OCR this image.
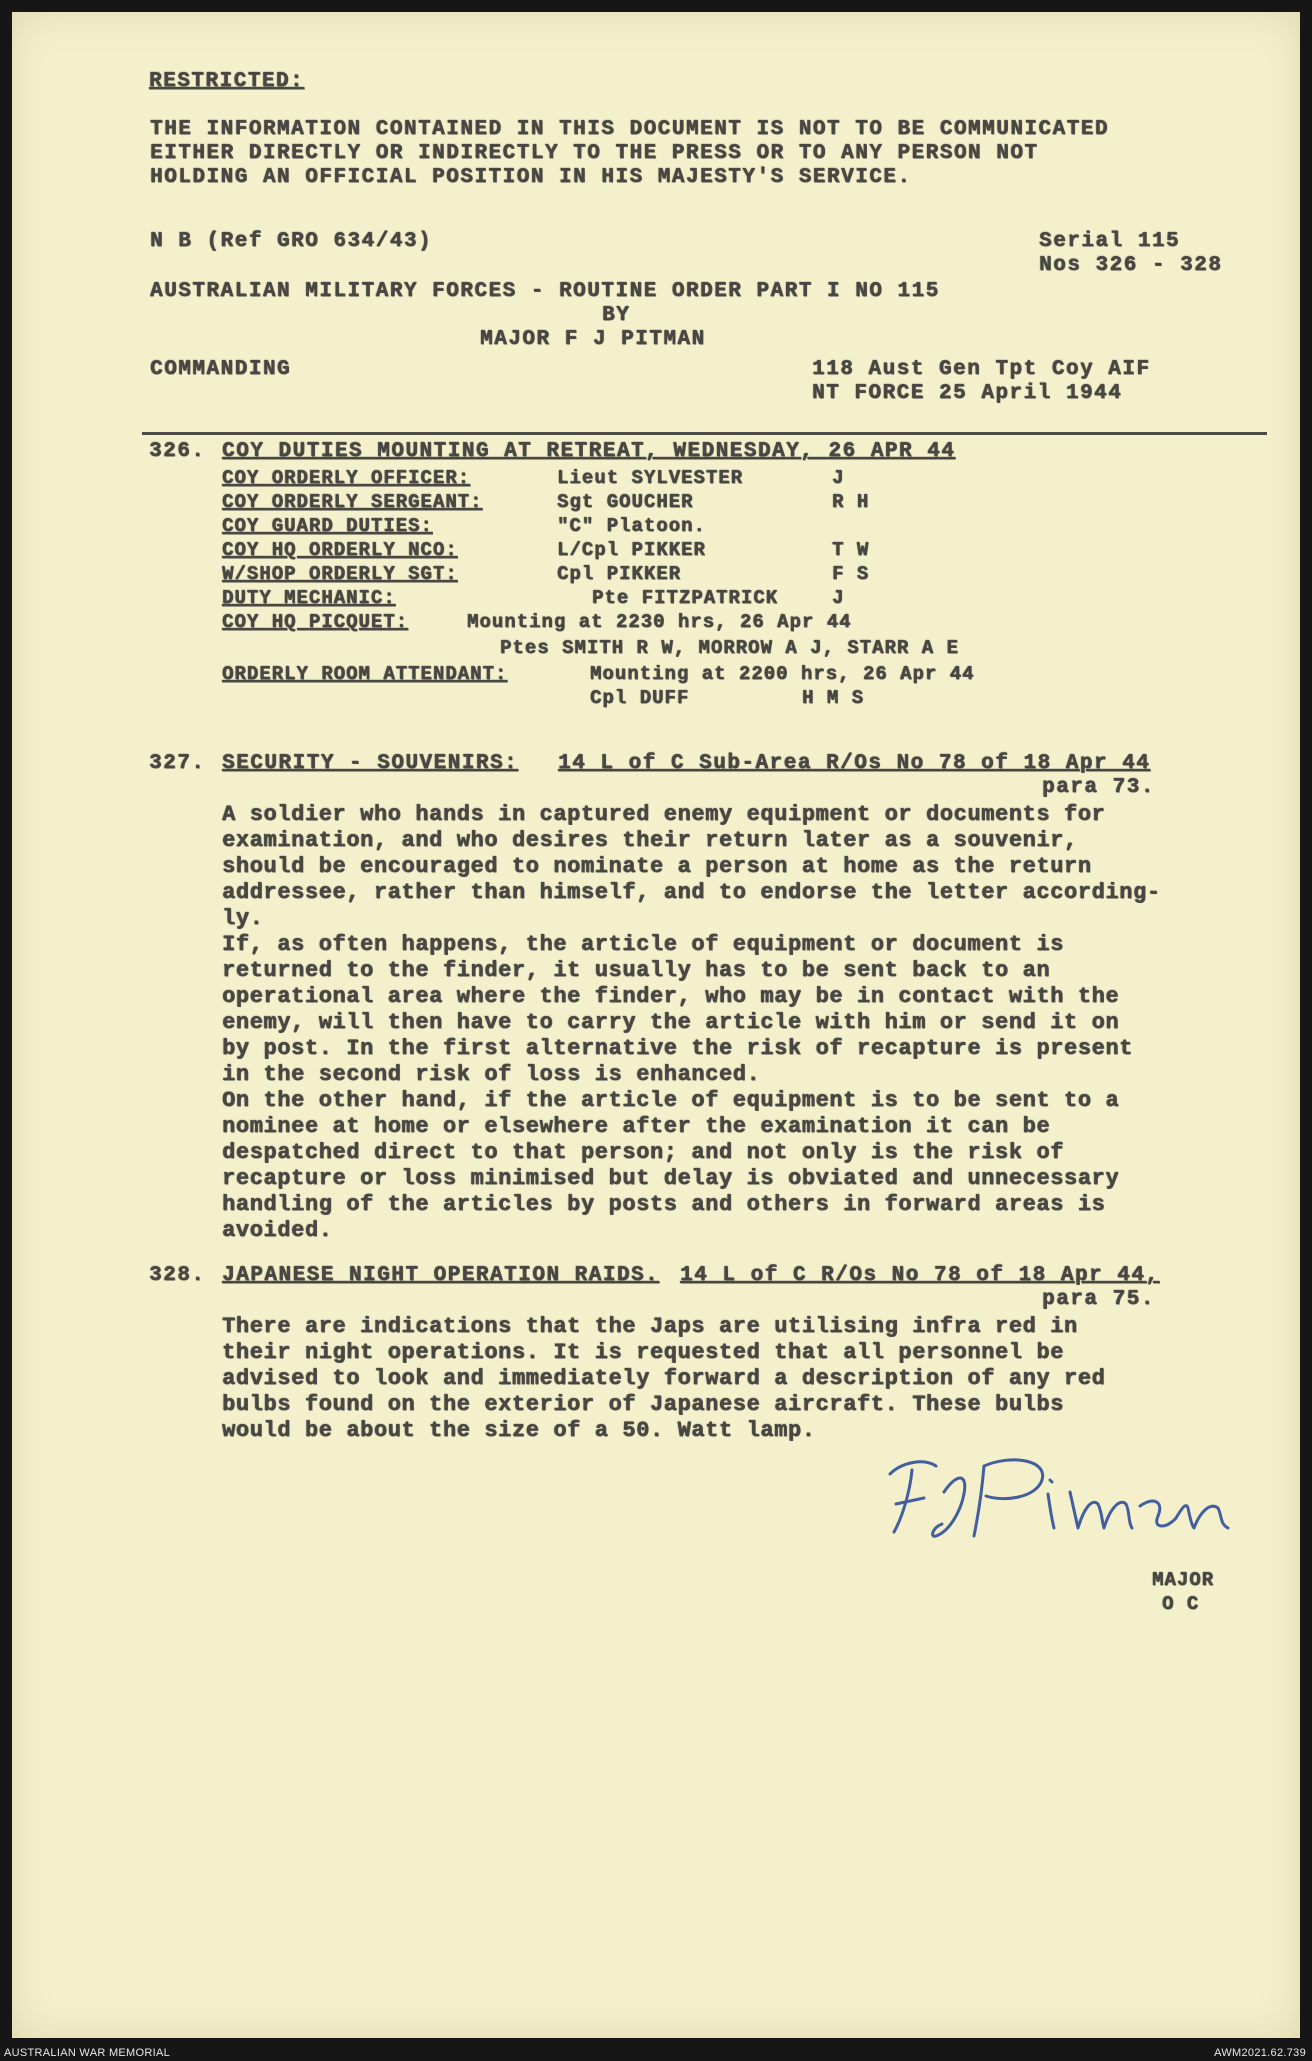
RESTRICTED:
THE INFORMATION CONTAINED IN THIS DOCUMENT IS NOT TO BE COMMUNICATED
EITHER DIRECTLY OR INDIRECTLY TO THE PRESS OR TO ANY PERSON NOT
HOLDING AN OFFICIAL POSITION IN HIS MAJESTY'S SERVICE.
N B (Ref GRO 634/43)	Serial 115
Nos 326 - 328
AUSTRALIAN MILITARY FORCES - ROUTINE ORDER PART I NO 115
BY
MAJOR F J PITMAN
COMMANDING	118 Aust Gen Tpt Coy AIF
NT FORCE 25 April 1944
326. COY DUTIES MOUNTING AT RETREAT, WEDNESDAY, 26 APR 44
COY ORDERLY OFFICER:	Lieut SYLVESTER	J
COY ORDERLY SERGEANT:	Sgt GOUCHER	R H
COY GUARD DUTIES:	"C" Platoon.
COY HQ ORDERLY NCO:	L/Cpl PIKKER	T W
W/SHOP ORDERLY SGT:	Cpl PIKKER	F S
DUTY MECHANIC:	Pte FITZPATRICK	J
COY HQ PICQUET:	Mounting at 2230 hrs, 26 Apr 44
Ptes SMITH R W, MORROW A J, STARR A E
ORDERLY ROOM ATTENDANT:	Mounting at 2200 hrs, 26 Apr 44
Cpl DUFF	H M S
327. SECURITY - SOUVENIRS: 14 L of C Sub-Area R/Os No 78 of 18 Apr 44
para 73.
A soldier who hands in captured enemy equipment or documents for
examination, and who desires their return later as a souvenir,
should be encouraged to nominate a person at home as the return
addressee, rather than himself, and to endorse the letter according-
ly.
If, as often happens, the article of equipment or document is
returned to the finder, it usually has to be sent back to an
operational area where the finder, who may be in contact with the
enemy, will then have to carry the article with him or send it on
by post. In the first alternative the risk of recapture is present
in the second risk of loss is enhanced.
On the other hand, if the article of equipment is to be sent to a
nominee at home or elsewhere after the examination it can be
despatched direct to that person; and not only is the risk of
recapture or loss minimised but delay is obviated and unnecessary
handling of the articles by posts and others in forward areas is
avoided.
328. JAPANESE NIGHT OPERATION RAIDS. 14 L of C R/Os No 78 of 18 Apr 44,
para 75.
There are indications that the Japs are utilising infra red in
their night operations. It is requested that all personnel be
advised to look and immediately forward a description of any red
bulbs found on the exterior of Japanese aircraft. These bulbs
would be about the size of a 50. Watt lamp.
MAJOR
O C
AUSTRALIAN WAR MEMORIAL	AWM2021.62.739
